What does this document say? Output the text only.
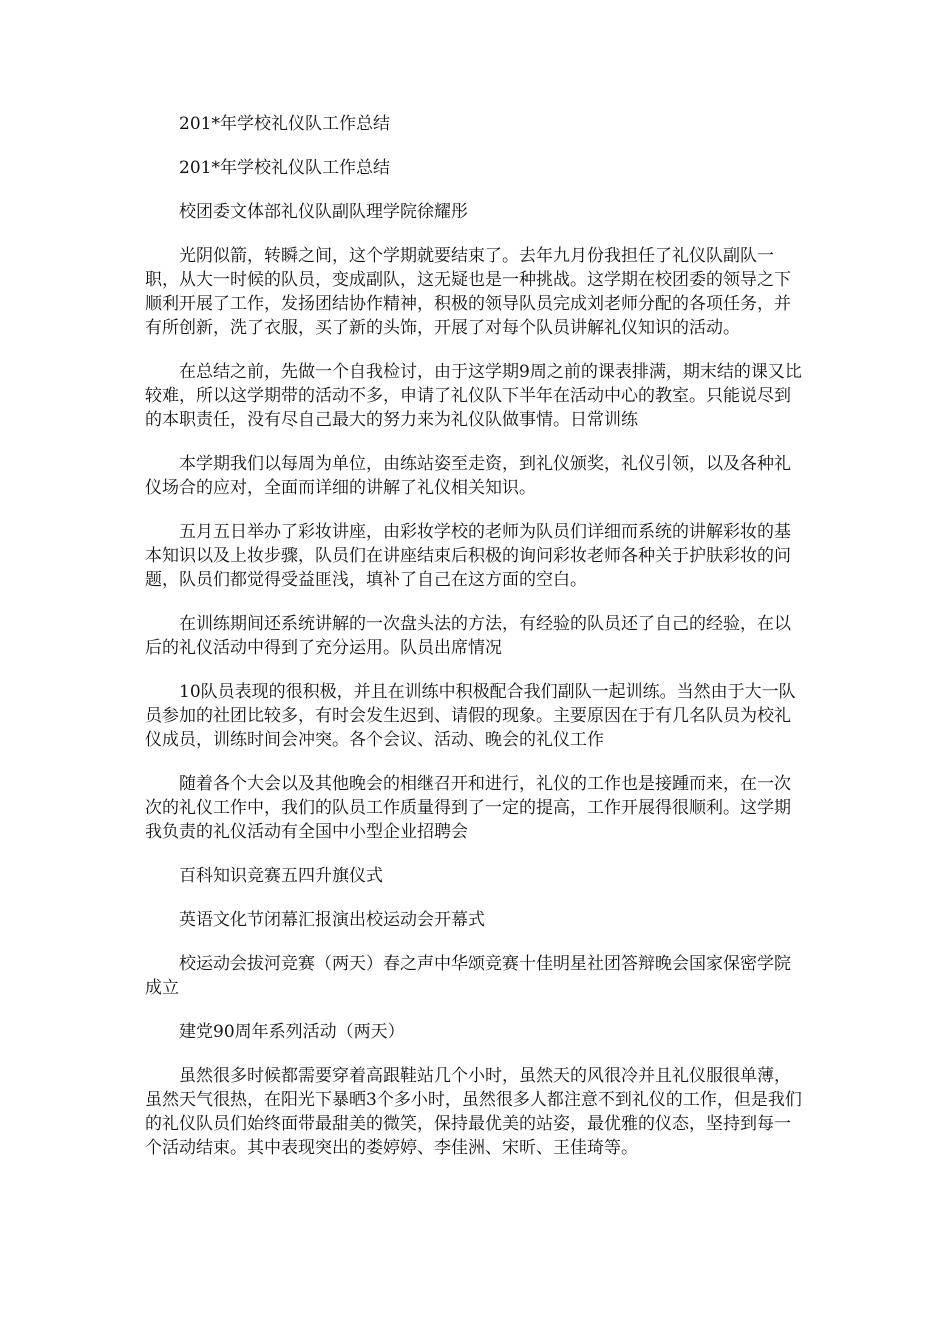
201*年学校礼仪队工作总结

201*年学校礼仪队工作总结

校团委文体部礼仪队副队理学院徐耀彤

光阴似箭，转瞬之间，这个学期就要结束了。去年九月份我担任了礼仪队副队一职，从大一时候的队员，变成副队，这无疑也是一种挑战。这学期在校团委的领导之下顺利开展了工作，发扬团结协作精神，积极的领导队员完成刘老师分配的各项任务，并有所创新，洗了衣服，买了新的头饰，开展了对每个队员讲解礼仪知识的活动。

在总结之前，先做一个自我检讨，由于这学期9周之前的课表排满，期末结的课又比较难，所以这学期带的活动不多，申请了礼仪队下半年在活动中心的教室。只能说尽到的本职责任，没有尽自己最大的努力来为礼仪队做事情。日常训练

本学期我们以每周为单位，由练站姿至走资，到礼仪颁奖，礼仪引领，以及各种礼仪场合的应对，全面而详细的讲解了礼仪相关知识。

五月五日举办了彩妆讲座，由彩妆学校的老师为队员们详细而系统的讲解彩妆的基本知识以及上妆步骤，队员们在讲座结束后积极的询问彩妆老师各种关于护肤彩妆的问题，队员们都觉得受益匪浅，填补了自己在这方面的空白。

在训练期间还系统讲解的一次盘头法的方法，有经验的队员还了自己的经验，在以后的礼仪活动中得到了充分运用。队员出席情况

10队员表现的很积极，并且在训练中积极配合我们副队一起训练。当然由于大一队员参加的社团比较多，有时会发生迟到、请假的现象。主要原因在于有几名队员为校礼仪成员，训练时间会冲突。各个会议、活动、晚会的礼仪工作

随着各个大会以及其他晚会的相继召开和进行，礼仪的工作也是接踵而来，在一次次的礼仪工作中，我们的队员工作质量得到了一定的提高，工作开展得很顺利。这学期我负责的礼仪活动有全国中小型企业招聘会

百科知识竞赛五四升旗仪式

英语文化节闭幕汇报演出校运动会开幕式

校运动会拔河竞赛（两天）春之声中华颂竞赛十佳明星社团答辩晚会国家保密学院成立

建党90周年系列活动（两天）

虽然很多时候都需要穿着高跟鞋站几个小时，虽然天的风很冷并且礼仪服很单薄，虽然天气很热，在阳光下暴晒3个多小时，虽然很多人都注意不到礼仪的工作，但是我们的礼仪队员们始终面带最甜美的微笑，保持最优美的站姿，最优雅的仪态，坚持到每一个活动结束。其中表现突出的娄婷婷、李佳洲、宋昕、王佳琦等。
